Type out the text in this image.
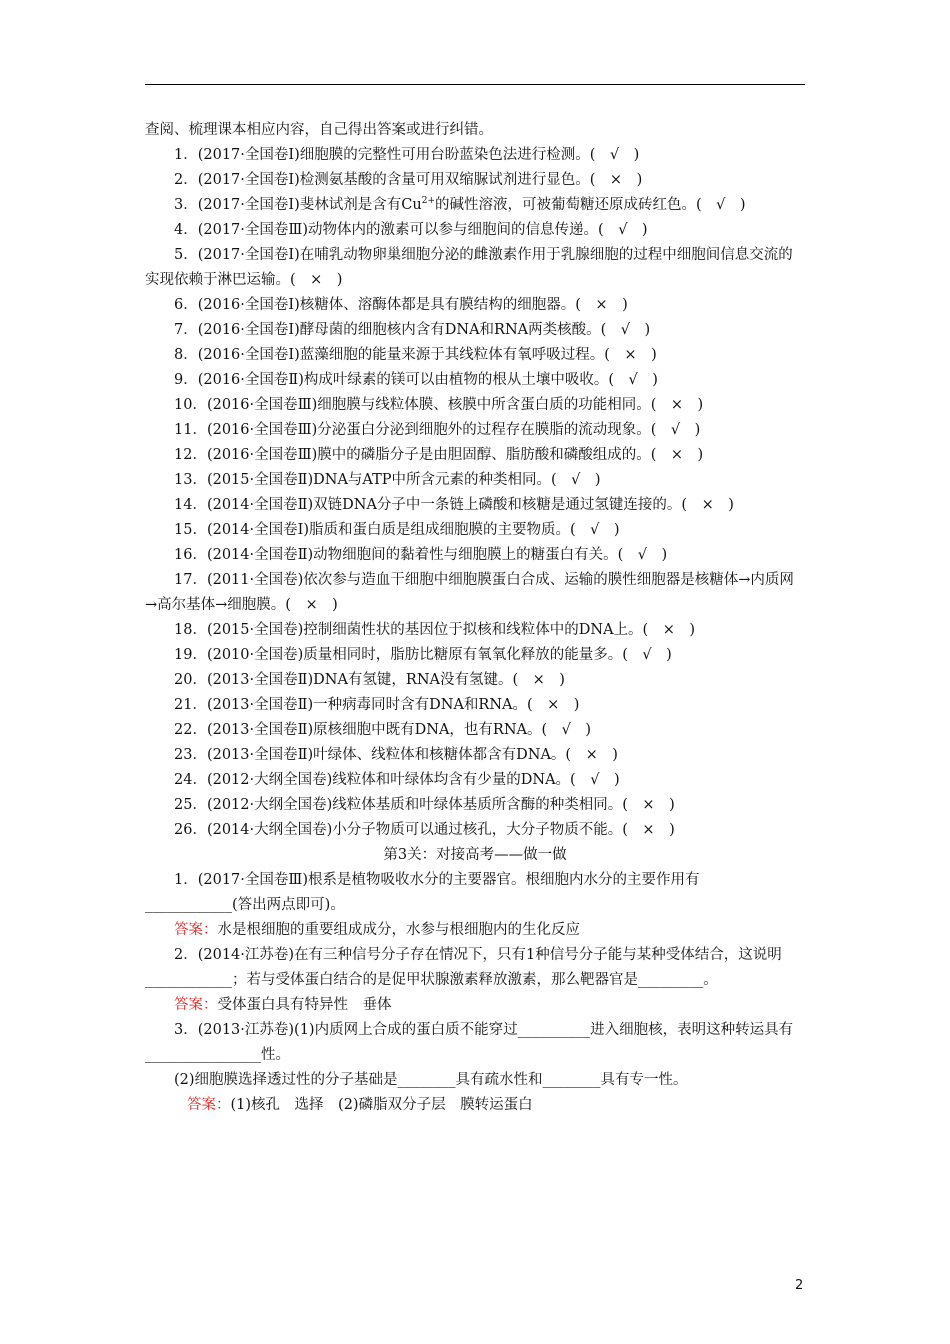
查阅、梳理课本相应内容，自己得出答案或进行纠错。

1．(2017·全国卷Ⅰ)细胞膜的完整性可用台盼蓝染色法进行检测。(　√　)

2．(2017·全国卷Ⅰ)检测氨基酸的含量可用双缩脲试剂进行显色。(　×　)

3．(2017·全国卷Ⅰ)斐林试剂是含有$Cu^{2+}$的碱性溶液，可被葡萄糖还原成砖红色。(　√　)

4．(2017·全国卷Ⅲ)动物体内的激素可以参与细胞间的信息传递。(　√　)

5．(2017·全国卷Ⅰ)在哺乳动物卵巢细胞分泌的雌激素作用于乳腺细胞的过程中细胞间信息交流的实现依赖于淋巴运输。(　×　)

6．(2016·全国卷Ⅰ)核糖体、溶酶体都是具有膜结构的细胞器。(　×　)

7．(2016·全国卷Ⅰ)酵母菌的细胞核内含有DNA和RNA两类核酸。(　√　)

8．(2016·全国卷Ⅰ)蓝藻细胞的能量来源于其线粒体有氧呼吸过程。(　×　)

9．(2016·全国卷Ⅱ)构成叶绿素的镁可以由植物的根从土壤中吸收。(　√　)

10．(2016·全国卷Ⅲ)细胞膜与线粒体膜、核膜中所含蛋白质的功能相同。(　×　)

11．(2016·全国卷Ⅲ)分泌蛋白分泌到细胞外的过程存在膜脂的流动现象。(　√　)

12．(2016·全国卷Ⅲ)膜中的磷脂分子是由胆固醇、脂肪酸和磷酸组成的。(　×　)

13．(2015·全国卷Ⅱ)DNA与ATP中所含元素的种类相同。(　√　)

14．(2014·全国卷Ⅱ)双链DNA分子中一条链上磷酸和核糖是通过氢键连接的。(　×　)

15．(2014·全国卷Ⅰ)脂质和蛋白质是组成细胞膜的主要物质。(　√　)

16．(2014·全国卷Ⅱ)动物细胞间的黏着性与细胞膜上的糖蛋白有关。(　√　)

17．(2011·全国卷)依次参与造血干细胞中细胞膜蛋白合成、运输的膜性细胞器是核糖体→内质网→高尔基体→细胞膜。(　×　)

18．(2015·全国卷)控制细菌性状的基因位于拟核和线粒体中的DNA上。(　×　)

19．(2010·全国卷)质量相同时，脂肪比糖原有氧氧化释放的能量多。(　√　)

20．(2013·全国卷Ⅱ)DNA有氢键，RNA没有氢键。(　×　)

21．(2013·全国卷Ⅱ)一种病毒同时含有DNA和RNA。(　×　)

22．(2013·全国卷Ⅱ)原核细胞中既有DNA，也有RNA。(　√　)

23．(2013·全国卷Ⅱ)叶绿体、线粒体和核糖体都含有DNA。(　×　)

24．(2012·大纲全国卷)线粒体和叶绿体均含有少量的DNA。(　√　)

25．(2012·大纲全国卷)线粒体基质和叶绿体基质所含酶的种类相同。(　×　)

26．(2014·大纲全国卷)小分子物质可以通过核孔，大分子物质不能。(　×　)

第3关：对接高考——做一做

1．(2017·全国卷Ⅲ)根系是植物吸收水分的主要器官。根细胞内水分的主要作用有____________(答出两点即可)。

答案：水是根细胞的重要组成成分，水参与根细胞内的生化反应

2．(2014·江苏卷)在有三种信号分子存在情况下，只有1种信号分子能与某种受体结合，这说明____________；若与受体蛋白结合的是促甲状腺激素释放激素，那么靶器官是_________。

答案：受体蛋白具有特异性　垂体

3．(2013·江苏卷)(1)内质网上合成的蛋白质不能穿过__________进入细胞核，表明这种转运具有________________性。

(2)细胞膜选择透过性的分子基础是________具有疏水性和________具有专一性。

答案：(1)核孔　选择　(2)磷脂双分子层　膜转运蛋白

2
